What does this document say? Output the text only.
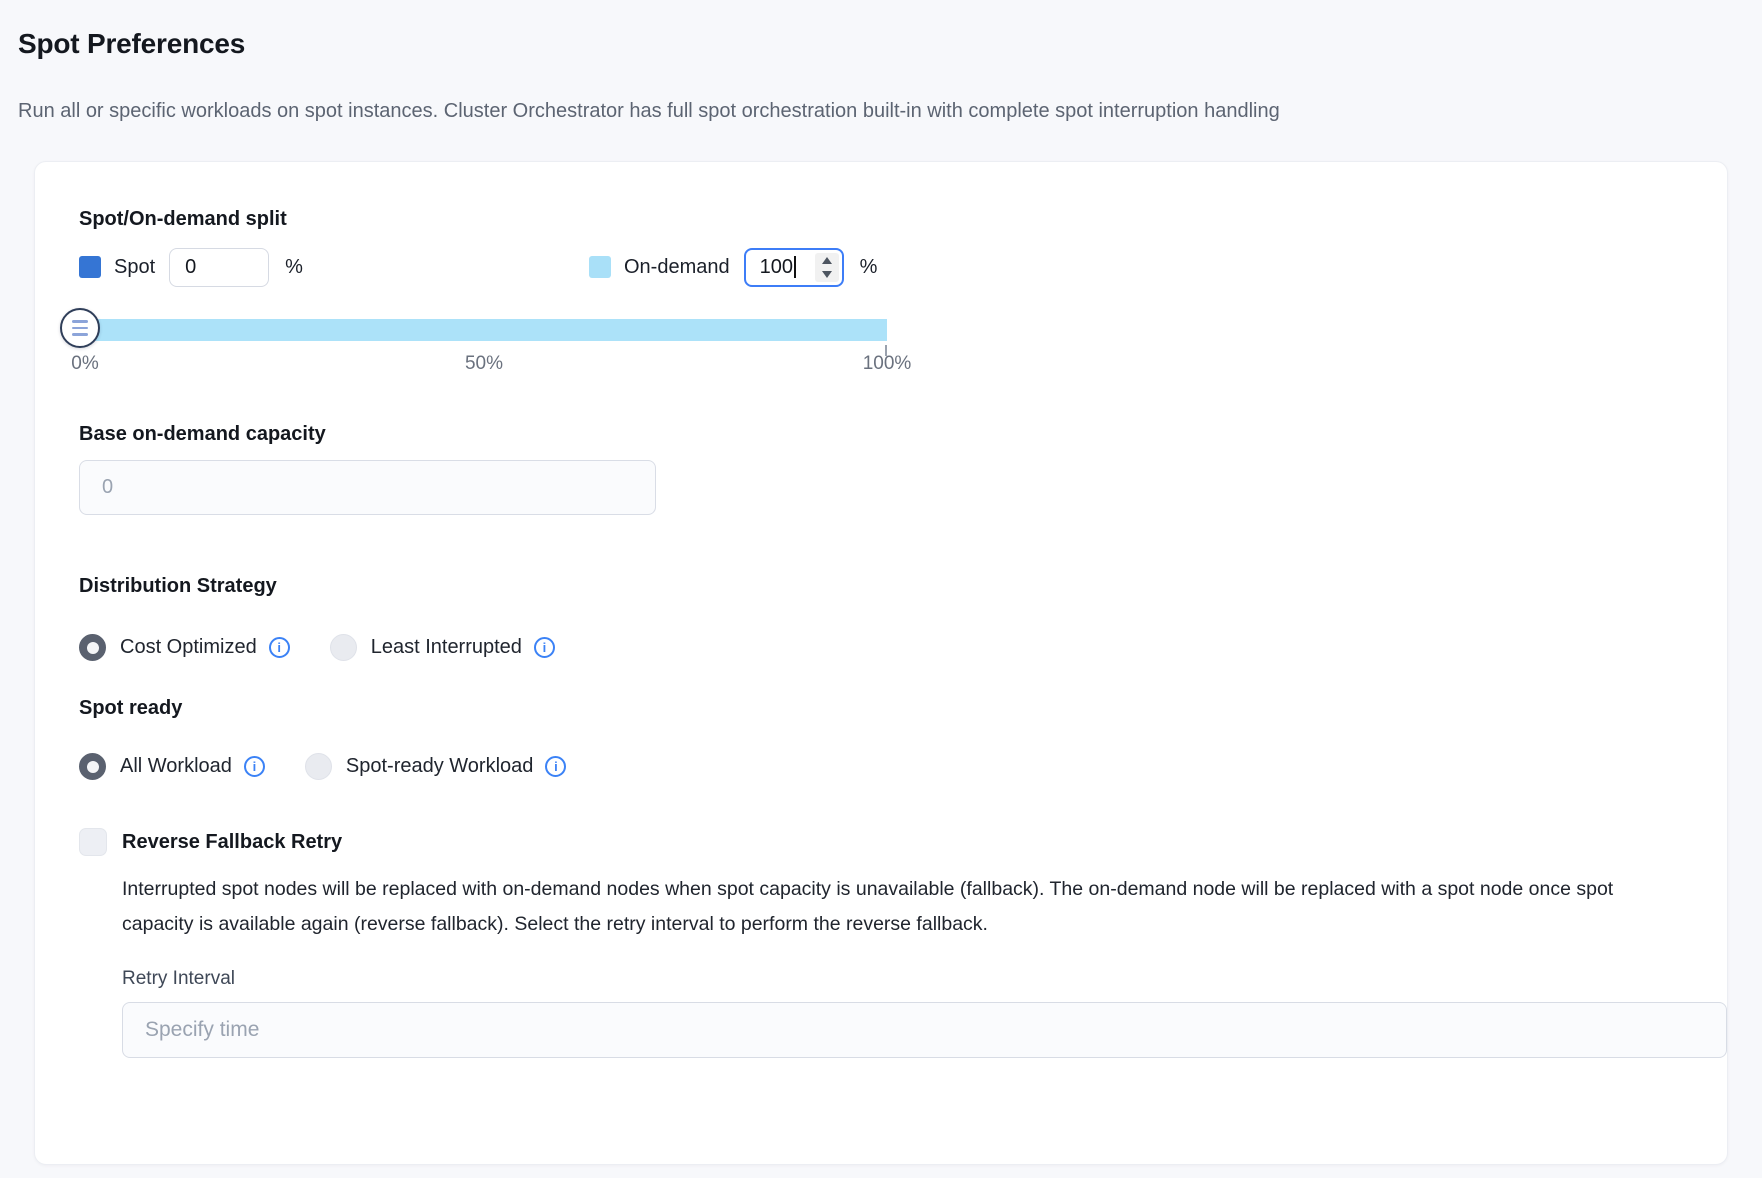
Spot Preferences
Run all or specific workloads on spot instances. Cluster Orchestrator has full spot orchestration built-in with complete spot interruption handling
Spot/On-demand split
Spot 0	%	On-demand 100	%
0%	50%	100%
Base on-demand capacity
0
Distribution Strategy
Cost Optimized	i	Least Interrupted	i
Spot ready
All Workload	i	Spot-ready Workload	i
Reverse Fallback Retry
Interrupted spot nodes will be replaced with on-demand nodes when spot capacity is unavailable (fallback). The on-demand node will be replaced with a spot node once spot capacity is available again (reverse fallback). Select the retry interval to perform the reverse fallback.
Retry Interval
Specify time
